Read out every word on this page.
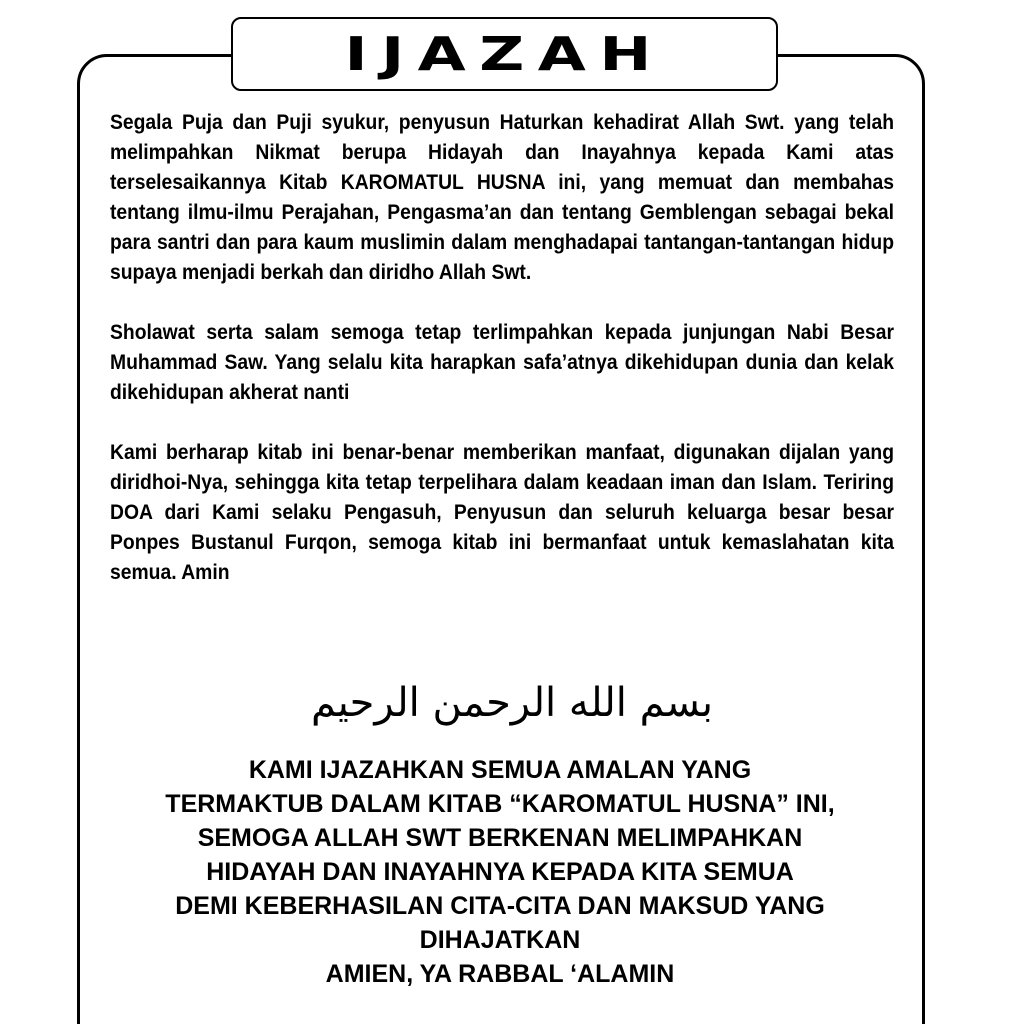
IJAZAH

Segala Puja dan Puji syukur, penyusun Haturkan kehadirat Allah Swt. yang telah melimpahkan Nikmat berupa Hidayah dan Inayahnya kepada Kami atas terselesaikannya Kitab KAROMATUL HUSNA ini, yang memuat dan membahas tentang ilmu-ilmu Perajahan, Pengasma’an dan tentang Gemblengan sebagai bekal para santri dan para kaum muslimin dalam menghadapai tantangan-tantangan hidup supaya menjadi berkah dan diridho Allah Swt.

Sholawat serta salam semoga tetap terlimpahkan kepada junjungan Nabi Besar Muhammad Saw. Yang selalu kita harapkan safa’atnya dikehidupan dunia dan kelak dikehidupan akherat nanti

Kami berharap kitab ini benar-benar memberikan manfaat, digunakan dijalan yang diridhoi-Nya, sehingga kita tetap terpelihara dalam keadaan iman dan Islam. Teriring DOA dari Kami selaku Pengasuh, Penyusun dan seluruh keluarga besar besar Ponpes Bustanul Furqon, semoga kitab ini bermanfaat untuk kemaslahatan kita semua. Amin

بسم الله الرحمن الرحيم
KAMI IJAZAHKAN SEMUA AMALAN YANG
TERMAKTUB DALAM KITAB “KAROMATUL HUSNA” INI,
SEMOGA ALLAH SWT BERKENAN MELIMPAHKAN
HIDAYAH DAN INAYAHNYA KEPADA KITA SEMUA
DEMI KEBERHASILAN CITA-CITA DAN MAKSUD YANG
DIHAJATKAN
AMIEN, YA RABBAL ‘ALAMIN
